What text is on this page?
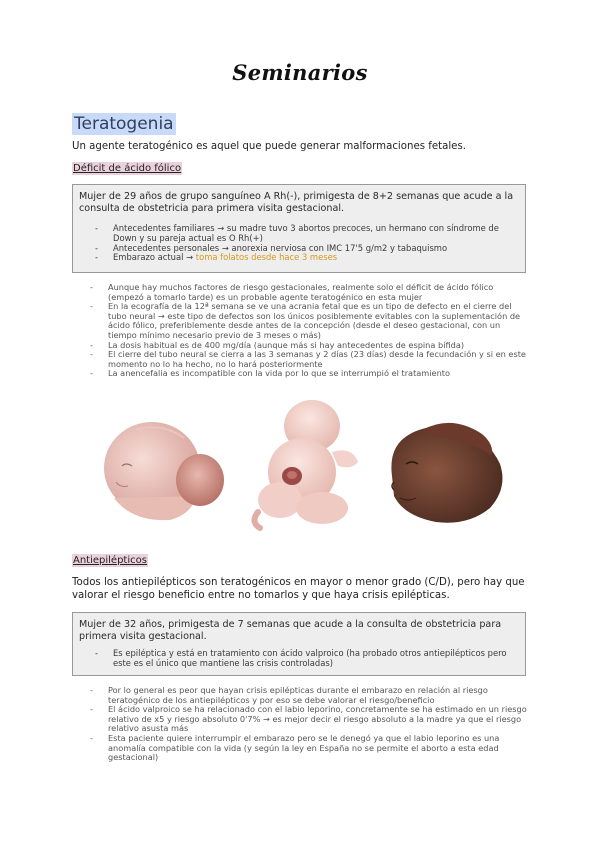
Seminarios
Teratogenia
Un agente teratogénico es aquel que puede generar malformaciones fetales.
Déficit de ácido fólico

Mujer de 29 años de grupo sanguíneo A Rh(-), primigesta de 8+2 semanas que acude a la consulta de obstetricia para primera visita gestacional.

- Antecedentes familiares → su madre tuvo 3 abortos precoces, un hermano con síndrome de Down y su pareja actual es O Rh(+)
- Antecedentes personales → anorexia nerviosa con IMC 17'5 g/m2 y tabaquismo
- Embarazo actual → toma folatos desde hace 3 meses
- Aunque hay muchos factores de riesgo gestacionales, realmente solo el déficit de ácido fólico (empezó a tomarlo tarde) es un probable agente teratogénico en esta mujer
- En la ecografía de la 12ª semana se ve una acrania fetal que es un tipo de defecto en el cierre del tubo neural → este tipo de defectos son los únicos posiblemente evitables con la suplementación de ácido fólico, preferiblemente desde antes de la concepción (desde el deseo gestacional, con un tiempo mínimo necesario previo de 3 meses o más)
- La dosis habitual es de 400 mg/día (aunque más si hay antecedentes de espina bífida)
- El cierre del tubo neural se cierra a las 3 semanas y 2 días (23 días) desde la fecundación y si en este momento no lo ha hecho, no lo hará posteriormente
- La anencefalia es incompatible con la vida por lo que se interrumpió el tratamiento
Antiepilépticos
Todos los antiepilépticos son teratogénicos en mayor o menor grado (C/D), pero hay que valorar el riesgo beneficio entre no tomarlos y que haya crisis epilépticas.

Mujer de 32 años, primigesta de 7 semanas que acude a la consulta de obstetricia para primera visita gestacional.

- Es epiléptica y está en tratamiento con ácido valproico (ha probado otros antiepilépticos pero este es el único que mantiene las crisis controladas)
- Por lo general es peor que hayan crisis epilépticas durante el embarazo en relación al riesgo teratogénico de los antiepilépticos y por eso se debe valorar el riesgo/beneficio
- El ácido valproico se ha relacionado con el labio leporino, concretamente se ha estimado en un riesgo relativo de x5 y riesgo absoluto 0'7% → es mejor decir el riesgo absoluto a la madre ya que el riesgo relativo asusta más
- Esta paciente quiere interrumpir el embarazo pero se le denegó ya que el labio leporino es una anomalía compatible con la vida (y según la ley en España no se permite el aborto a esta edad gestacional)
